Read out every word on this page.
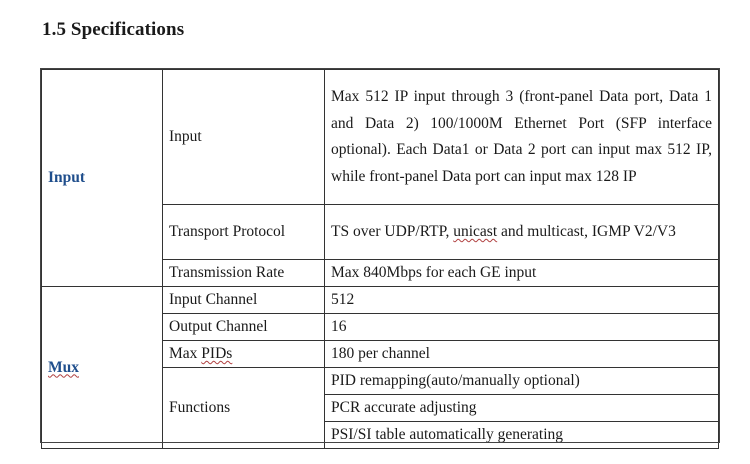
1.5 Specifications
Input	Input	Max 512 IP input through 3 (front-panel Data port, Data 1 and Data 2) 100/1000M Ethernet Port (SFP interface optional). Each Data1 or Data 2 port can input max 512 IP, while front-panel Data port can input max 128 IP
	Transport Protocol	TS over UDP/RTP, unicast and multicast, IGMP V2/V3
	Transmission Rate	Max 840Mbps for each GE input
Mux	Input Channel	512
	Output Channel	16
	Max PIDs	180 per channel
	Functions	PID remapping(auto/manually optional)
		PCR accurate adjusting
		PSI/SI table automatically generating
